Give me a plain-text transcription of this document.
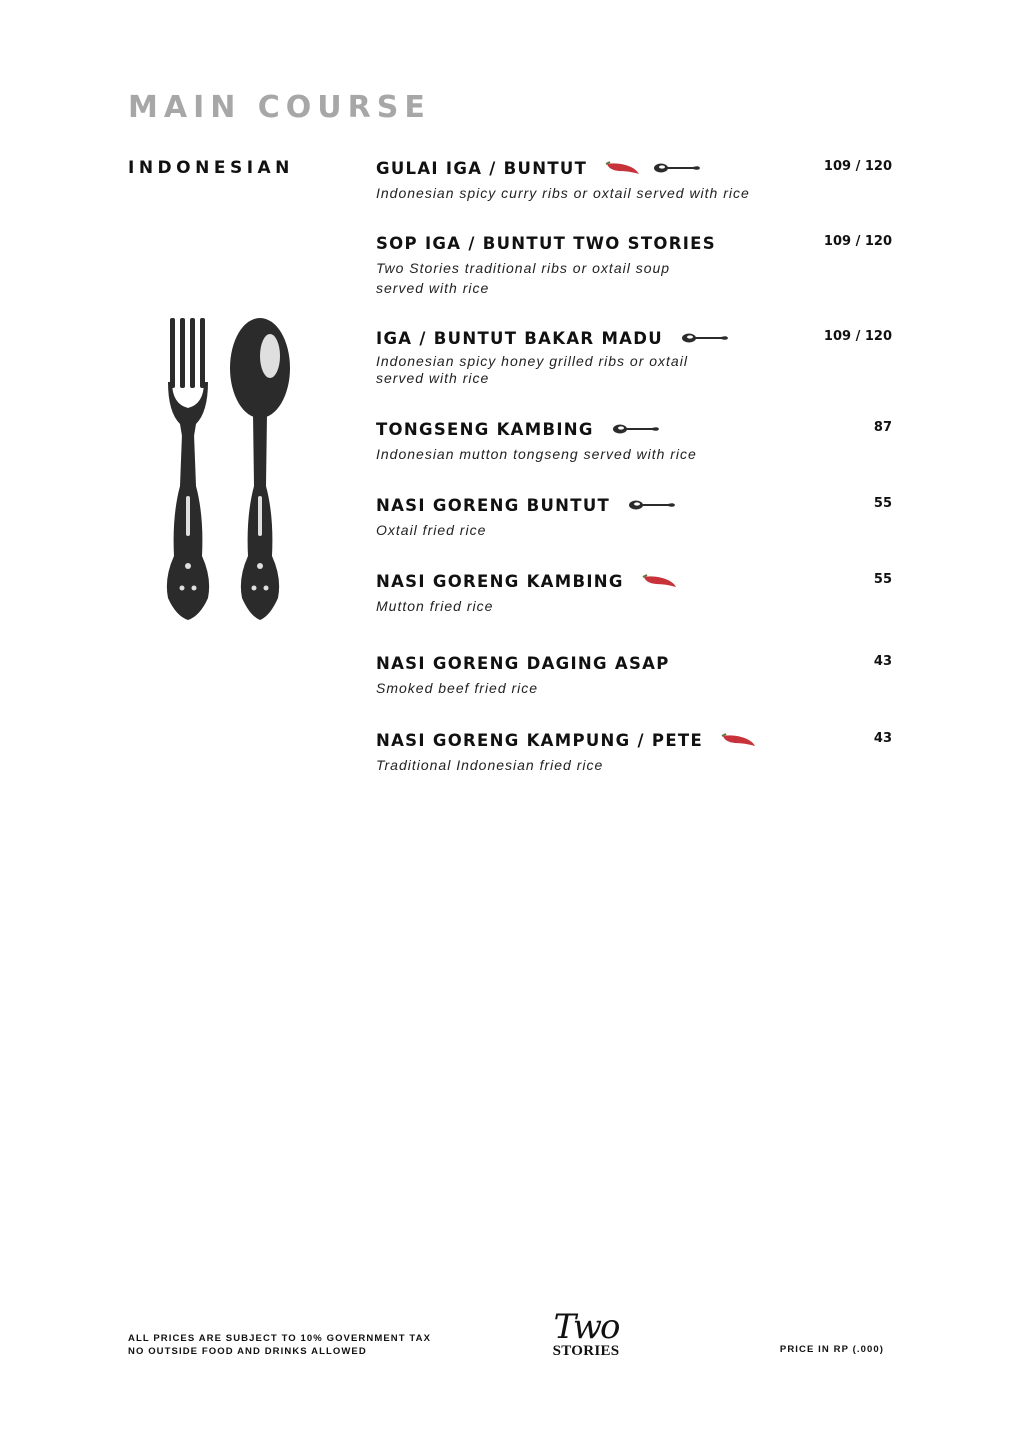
MAIN COURSE
INDONESIAN	GULAI IGA / BUNTUT	109 / 120
Indonesian spicy curry ribs or oxtail served with rice
SOP IGA / BUNTUT TWO STORIES	109 / 120
Two Stories traditional ribs or oxtail soup served with rice
IGA / BUNTUT BAKAR MADU	109 / 120
Indonesian spicy honey grilled ribs or oxtail served with rice
TONGSENG KAMBING	87
Indonesian mutton tongseng served with rice
NASI GORENG BUNTUT	55
Oxtail fried rice
NASI GORENG KAMBING	55
Mutton fried rice
NASI GORENG DAGING ASAP	43
Smoked beef fried rice
NASI GORENG KAMPUNG / PETE	43
Traditional Indonesian fried rice
ALL PRICES ARE SUBJECT TO 10% GOVERNMENT TAX
NO OUTSIDE FOOD AND DRINKS ALLOWED
Two
STORIES	PRICE IN RP (.000)
